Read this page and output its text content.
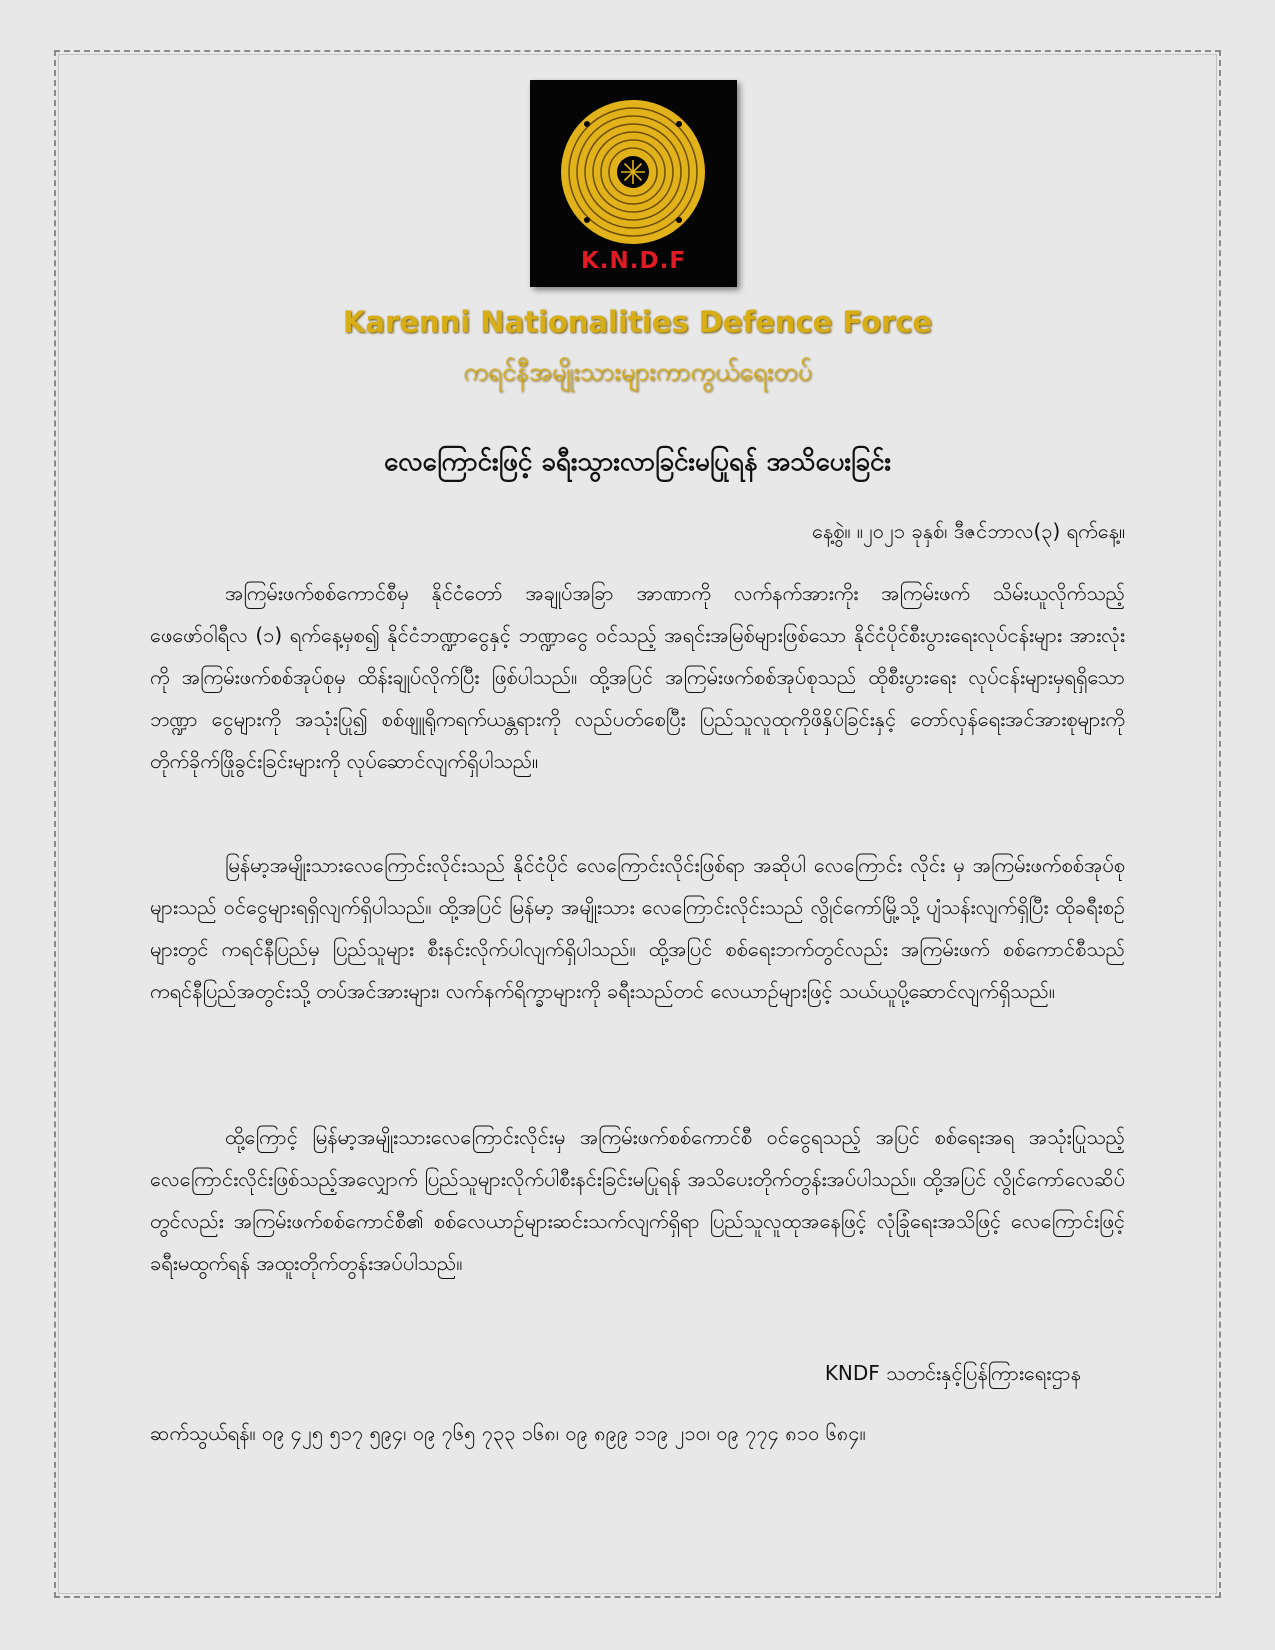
K.N.D.F
Karenni Nationalities Defence Force
ကရင်နီအမျိုးသားများကာကွယ်ရေးတပ်
လေကြောင်းဖြင့် ခရီးသွားလာခြင်းမပြုရန် အသိပေးခြင်း
နေ့စွဲ။ ။၂၀၂၁ ခုနှစ်၊ ဒီဇင်ဘာလ(၃) ရက်နေ့။

အကြမ်းဖက်စစ်ကောင်စီမှ နိုင်ငံတော် အချုပ်အခြာ အာဏာကို လက်နက်အားကိုး အကြမ်းဖက် သိမ်းယူလိုက်သည့် ဖေဖော်ဝါရီလ (၁) ရက်နေ့မှစ၍ နိုင်ငံဘဏ္ဍာငွေနှင့် ဘဏ္ဍာငွေ ဝင်သည့် အရင်းအမြစ်များဖြစ်သော နိုင်ငံပိုင်စီးပွားရေးလုပ်ငန်းများ အားလုံးကို အကြမ်းဖက်စစ်အုပ်စုမှ ထိန်းချုပ်လိုက်ပြီး ဖြစ်ပါသည်။ ထို့အပြင် အကြမ်းဖက်စစ်အုပ်စုသည် ထိုစီးပွားရေး လုပ်ငန်းများမှရရှိသော ဘဏ္ဍာ ငွေများကို အသုံးပြု၍ စစ်ဖျူရိုကရက်ယန္တရားကို လည်ပတ်စေပြီး ပြည်သူလူထုကိုဖိနှိပ်ခြင်းနှင့် တော်လှန်ရေးအင်အားစုများကို တိုက်ခိုက်ဖြိုခွင်းခြင်းများကို လုပ်ဆောင်လျက်ရှိပါသည်။

မြန်မာ့အမျိုးသားလေကြောင်းလိုင်းသည် နိုင်ငံပိုင် လေကြောင်းလိုင်းဖြစ်ရာ အဆိုပါ လေကြောင်း လိုင်း မှ အကြမ်းဖက်စစ်အုပ်စုများသည် ဝင်ငွေများရရှိလျက်ရှိပါသည်။ ထို့အပြင် မြန်မာ့ အမျိုးသား လေကြောင်းလိုင်းသည် လွိုင်ကော်မြို့သို့ ပျံသန်းလျက်ရှိပြီး ထိုခရီးစဉ်များတွင် ကရင်နီပြည်မှ ပြည်သူများ စီးနင်းလိုက်ပါလျက်ရှိပါသည်။ ထို့အပြင် စစ်ရေးဘက်တွင်လည်း အကြမ်းဖက် စစ်ကောင်စီသည် ကရင်နီပြည်အတွင်းသို့ တပ်အင်အားများ၊ လက်နက်ရိက္ခာများကို ခရီးသည်တင် လေယာဉ်များဖြင့် သယ်ယူပို့ဆောင်လျက်ရှိသည်။

ထို့ကြောင့် မြန်မာ့အမျိုးသားလေကြောင်းလိုင်းမှ အကြမ်းဖက်စစ်ကောင်စီ ဝင်ငွေရသည့် အပြင် စစ်ရေးအရ အသုံးပြုသည့် လေကြောင်းလိုင်းဖြစ်သည့်အလျှောက် ပြည်သူများလိုက်ပါစီးနင်းခြင်းမပြုရန် အသိပေးတိုက်တွန်းအပ်ပါသည်။ ထို့အပြင် လွိုင်ကော်လေဆိပ်တွင်လည်း အကြမ်းဖက်စစ်ကောင်စီ၏ စစ်လေယာဉ်များဆင်းသက်လျက်ရှိရာ ပြည်သူလူထုအနေဖြင့် လုံခြုံရေးအသိဖြင့် လေကြောင်းဖြင့် ခရီးမထွက်ရန် အထူးတိုက်တွန်းအပ်ပါသည်။

KNDF သတင်းနှင့်ပြန်ကြားရေးဌာန
ဆက်သွယ်ရန်။ ၀၉ ၄၂၅ ၅၁၇ ၅၉၄၊ ၀၉ ၇၆၅ ၇၃၃ ၁၆၈၊ ၀၉ ၈၉၉ ၁၁၉ ၂၁၀၊ ၀၉ ၇၇၄ ၈၁၀ ၆၈၄။
